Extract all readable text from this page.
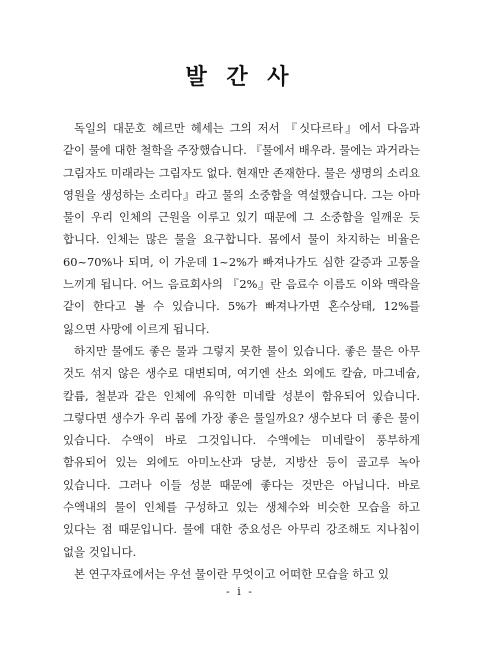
발 간 사

독일의 대문호 헤르만 헤세는 그의 저서 『싯다르타』에서 다음과 같이 물에 대한 철학을 주장했습니다. 『물에서 배우라. 물에는 과거라는 그림자도 미래라는 그림자도 없다. 현재만 존재한다. 물은 생명의 소리요 영원을 생성하는 소리다』라고 물의 소중함을 역설했습니다. 그는 아마 물이 우리 인체의 근원을 이루고 있기 때문에 그 소중함을 일깨운 듯 합니다. 인체는 많은 물을 요구합니다. 몸에서 물이 차지하는 비율은 60~70%나 되며, 이 가운데 1~2%가 빠져나가도 심한 갈증과 고통을 느끼게 됩니다. 어느 음료회사의 『2%』란 음료수 이름도 이와 맥락을 같이 한다고 볼 수 있습니다. 5%가 빠져나가면 혼수상태, 12%를 잃으면 사망에 이르게 됩니다.

하지만 물에도 좋은 물과 그렇지 못한 물이 있습니다. 좋은 물은 아무 것도 섞지 않은 생수로 대변되며, 여기엔 산소 외에도 칼슘, 마그네슘, 칼륨, 철분과 같은 인체에 유익한 미네랄 성분이 함유되어 있습니다. 그렇다면 생수가 우리 몸에 가장 좋은 물일까요? 생수보다 더 좋은 물이 있습니다. 수액이 바로 그것입니다. 수액에는 미네랄이 풍부하게 함유되어 있는 외에도 아미노산과 당분, 지방산 등이 골고루 녹아 있습니다. 그러나 이들 성분 때문에 좋다는 것만은 아닙니다. 바로 수액내의 물이 인체를 구성하고 있는 생체수와 비슷한 모습을 하고 있다는 점 때문입니다. 물에 대한 중요성은 아무리 강조해도 지나침이 없을 것입니다.

본 연구자료에서는 우선 물이란 무엇이고 어떠한 모습을 하고 있

- i -
